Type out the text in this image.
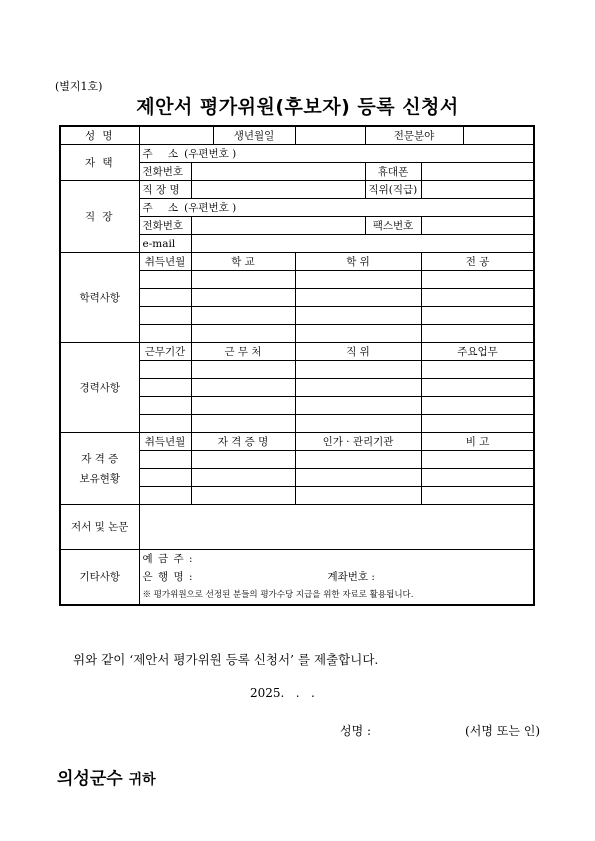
(별지1호)
제안서 평가위원(후보자) 등록 신청서
성 명			생년월일		전문분야		
자 택	주 소(우편번호 )						
	전화번호				휴대폰		
직 장	직 장 명				직위(직급)		
	주 소(우편번호 )						
	전화번호				팩스번호		
	e-mail						
학력사항	취득년월	학 교		학 위		전 공	

경력사항	근무기간	근 무 처		직 위		주요업무	

자 격 증
보유현황	취득년월	자 격 증 명		인가 · 관리기관		비 고	

저서 및 논문							
기타사항	예 금 주 :						
	은 행 명 : 계좌번호 :						
	※ 평가위원으로 선정된 분들의 평가수당 지급을 위한 자료로 활용됩니다.						
위와 같이 ‘제안서 평가위원 등록 신청서’ 를 제출합니다.
2025.   .   .
성명 :	(서명 또는 인)
의성군수 귀하
